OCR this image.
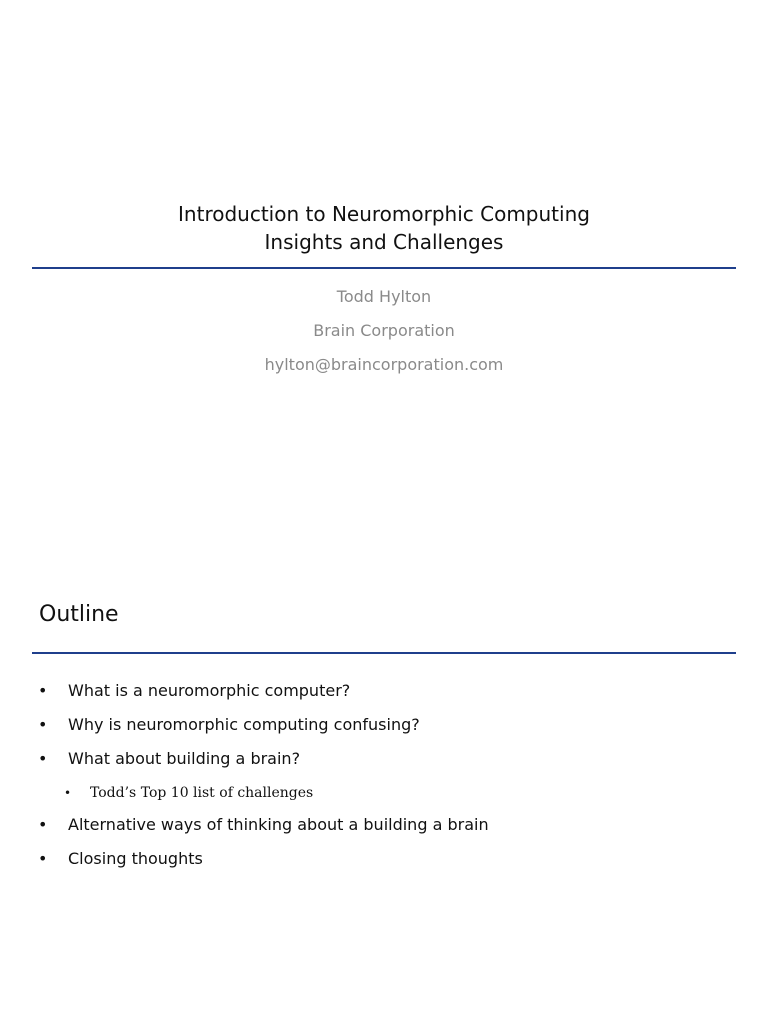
Introduction to Neuromorphic Computing
Insights and Challenges
Todd Hylton
Brain Corporation
hylton@braincorporation.com
Outline
•	What is a neuromorphic computer?
•	Why is neuromorphic computing confusing?
•	What about building a brain?
•	Todd’s Top 10 list of challenges
•	Alternative ways of thinking about a building a brain
•	Closing thoughts
